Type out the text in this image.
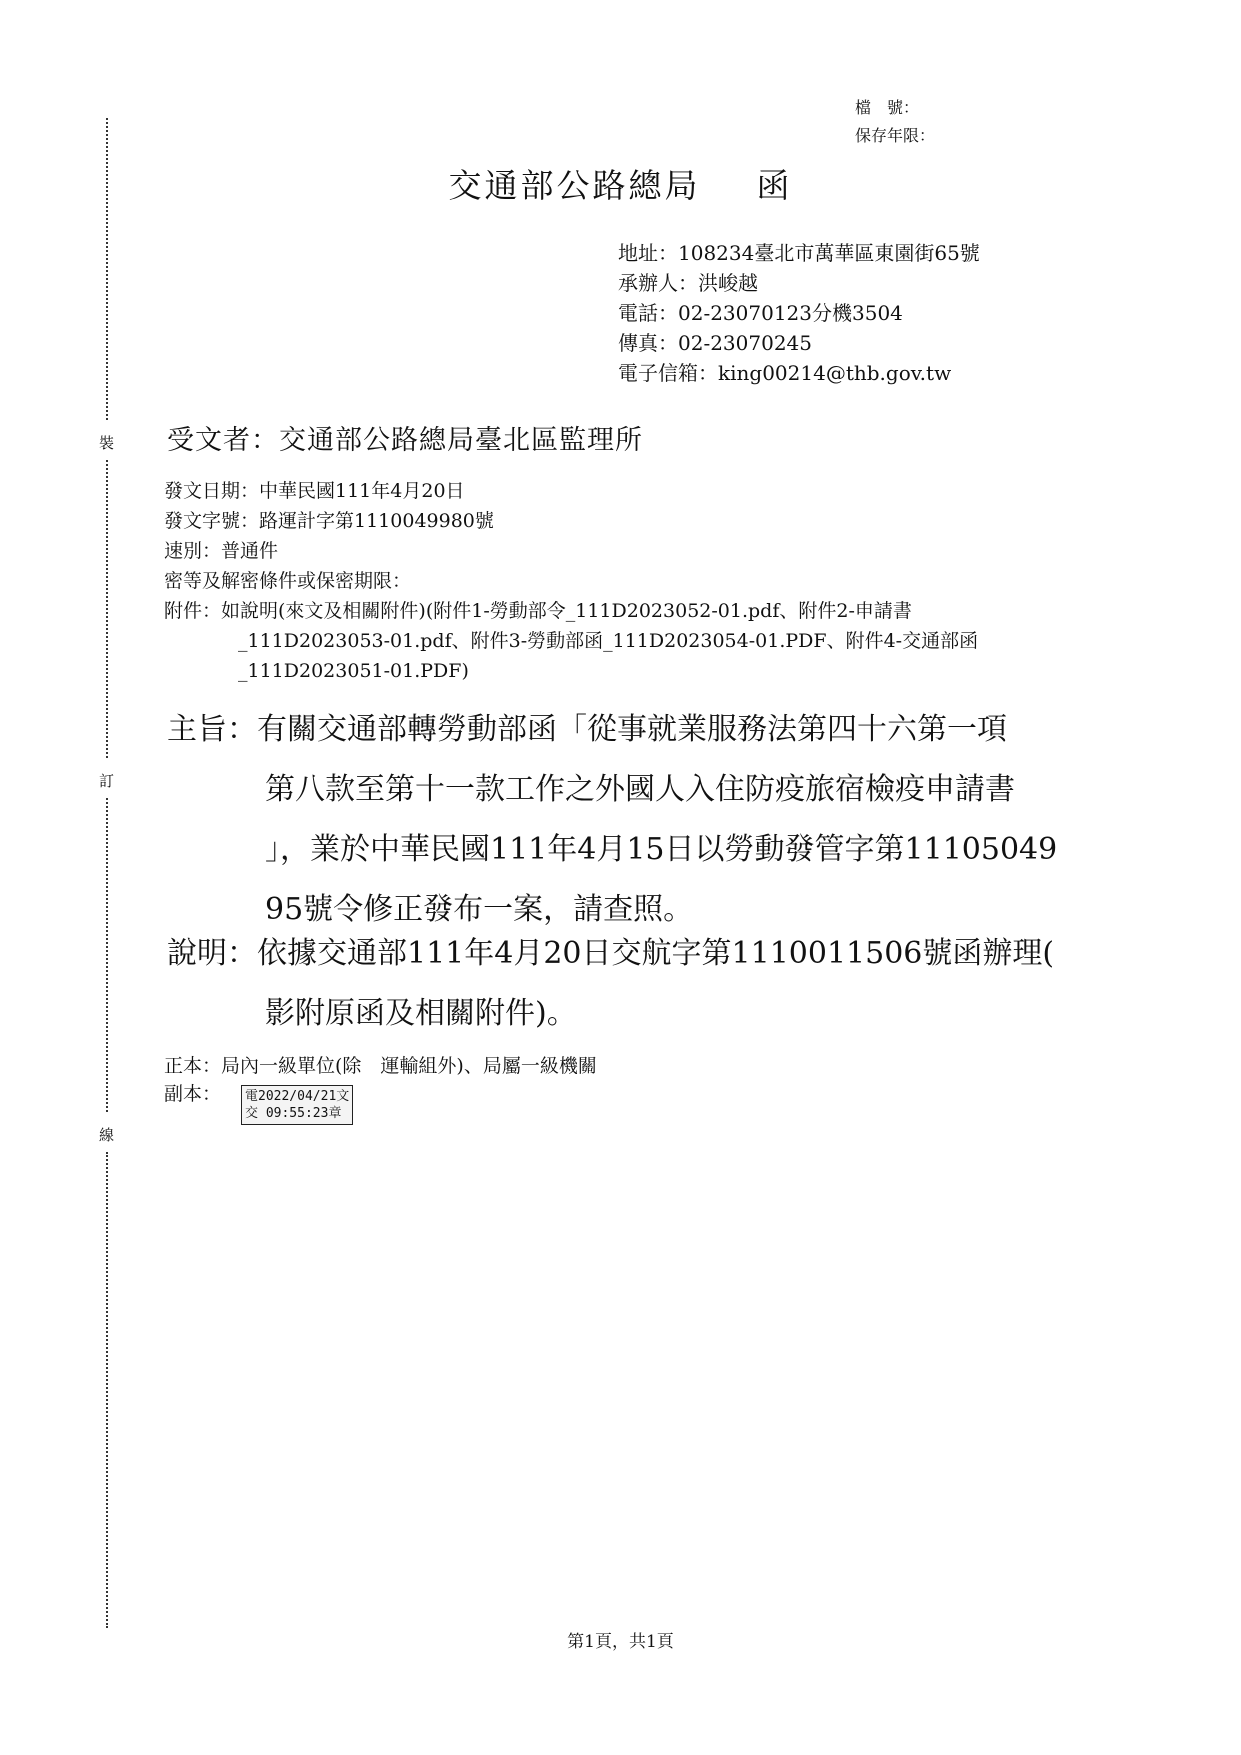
裝
訂
線
檔　號：
保存年限：
交通部公路總局 函
地址：108234臺北市萬華區東園街65號
承辦人：洪峻越
電話：02-23070123分機3504
傳真：02-23070245
電子信箱：king00214@thb.gov.tw
受文者：交通部公路總局臺北區監理所
發文日期：中華民國111年4月20日
發文字號：路運計字第1110049980號
速別：普通件
密等及解密條件或保密期限：
附件：如說明(來文及相關附件)(附件1-勞動部令_111D2023052-01.pdf、附件2-申請書
_111D2023053-01.pdf、附件3-勞動部函_111D2023054-01.PDF、附件4-交通部函
_111D2023051-01.PDF)
主旨：有關交通部轉勞動部函「從事就業服務法第四十六第一項
第八款至第十一款工作之外國人入住防疫旅宿檢疫申請書
」，業於中華民國111年4月15日以勞動發管字第11105049
95號令修正發布一案，請查照。
說明：依據交通部111年4月20日交航字第1110011506號函辦理(
影附原函及相關附件)。
正本：局內一級單位(除　運輸組外)、局屬一級機關
副本：	電2022/04/21文
交 09:55:23章
第1頁，共1頁
